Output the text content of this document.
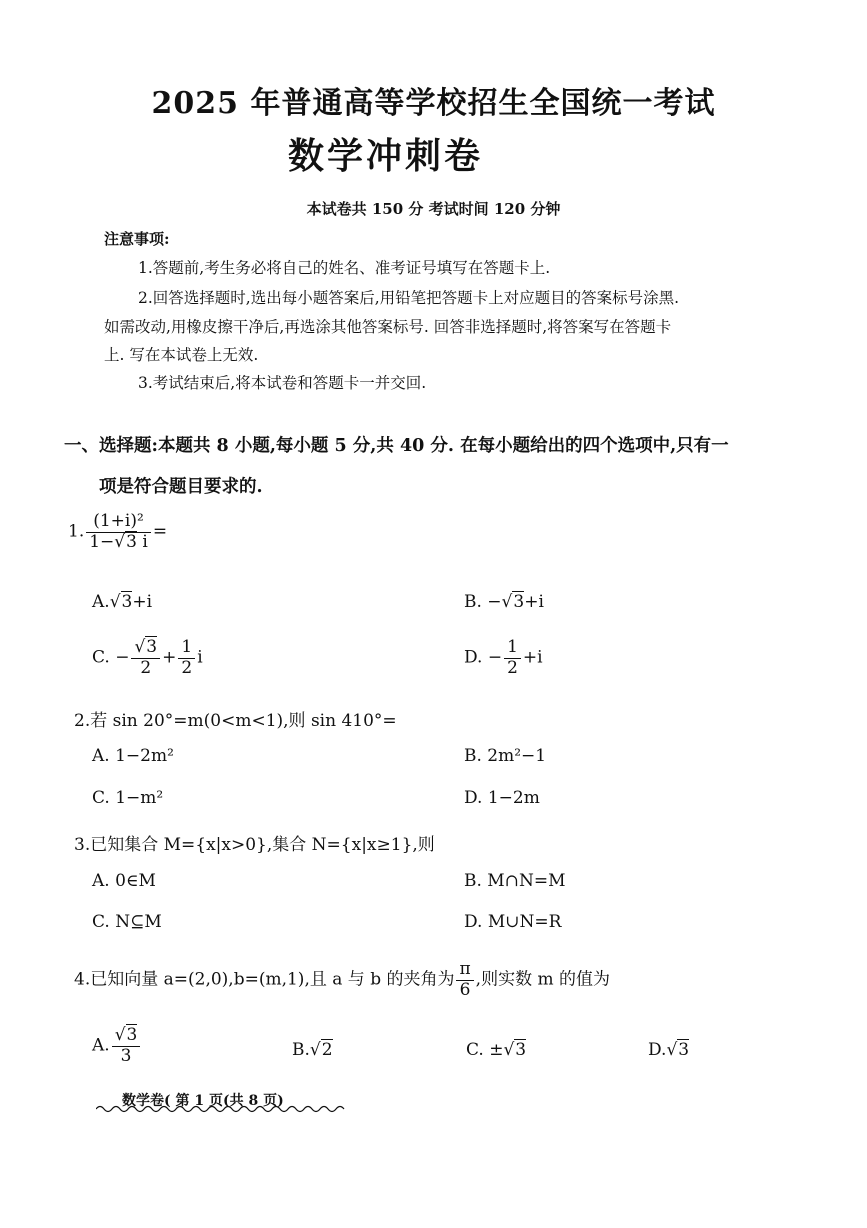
2025 年普通高等学校招生全国统一考试
数学冲刺卷
本试卷共 150 分 考试时间 120 分钟
注意事项:
1.答题前,考生务必将自己的姓名、准考证号填写在答题卡上.
2.回答选择题时,选出每小题答案后,用铅笔把答题卡上对应题目的答案标号涂黑.
如需改动,用橡皮擦干净后,再选涂其他答案标号. 回答非选择题时,将答案写在答题卡
上. 写在本试卷上无效.
3.考试结束后,将本试卷和答题卡一并交回.
一、选择题:本题共 8 小题,每小题 5 分,共 40 分. 在每小题给出的四个选项中,只有一
项是符合题目要求的.
1. $\frac{\text{(1+i)²}}{1-√3 i}$ =
A.√3+i	B. −√3+i
C. − $\frac{√3}{2} + \frac{1}{2}$ i	D. − $\frac{1}{2} +i$
2.若 sin 20°=m(0<m<1),则 sin 410°=
A. 1−2m²	B. 2m²−1
C. 1−m²	D. 1−2m
3.已知集合 M={x|x>0},集合 N={x|x≥1},则
A. 0∈M	B. M∩N=M
C. N⊆M	D. M∪N=R
4.已知向量 a=(2,0),b=(m,1),且 a 与 b 的夹角为 $\frac{\pi}{6}$ ,则实数 m 的值为
A. $\frac{√3}{3}$	B.√2	C. ±√3	D.√3
数学卷( 第 1 页(共 8 页)
